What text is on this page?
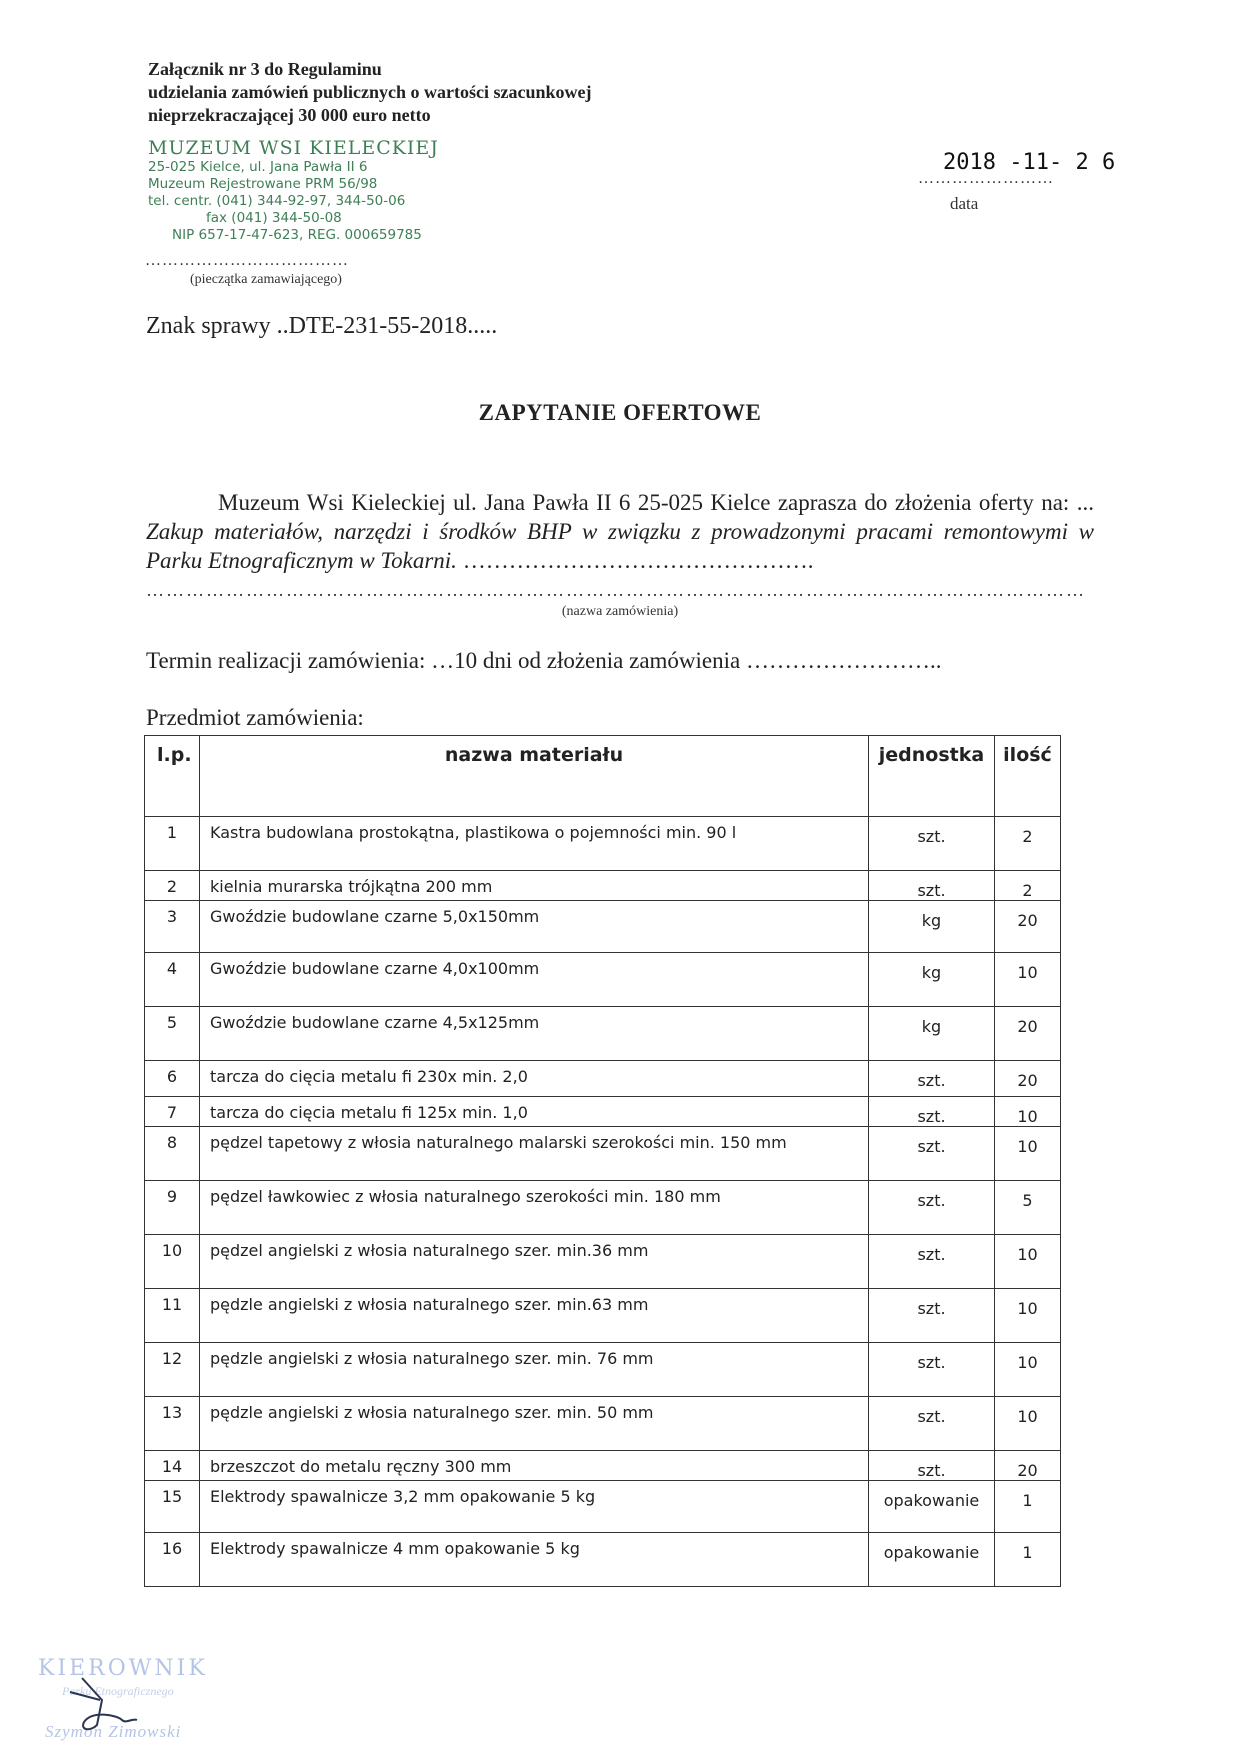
Załącznik nr 3 do Regulaminu
udzielania zamówień publicznych o wartości szacunkowej
nieprzekraczającej 30 000 euro netto
MUZEUM WSI KIELECKIEJ
25-025 Kielce, ul. Jana Pawła II 6
Muzeum Rejestrowane PRM 56/98
tel. centr. (041) 344-92-97, 344-50-06
fax (041) 344-50-08
NIP 657-17-47-623, REG. 000659785
………………………………
(pieczątka zamawiającego)
2018 -11- 2 6
……………………
data
Znak sprawy ..DTE-231-55-2018.....
ZAPYTANIE OFERTOWE
Muzeum Wsi Kieleckiej ul. Jana Pawła II 6 25-025 Kielce zaprasza do złożenia oferty na: ... Zakup materiałów, narzędzi i środków BHP w związku z prowadzonymi pracami remontowymi w Parku Etnograficznym w Tokarni. ……………………………………….
……………………………………………………………………………………………………………………………
(nazwa zamówienia)
Termin realizacji zamówienia: …10 dni od złożenia zamówienia ……………………..
Przedmiot zamówienia:
l.p.	nazwa materiału	jednostka	ilość
1	Kastra budowlana prostokątna, plastikowa o pojemności min. 90 l	szt.	2
2	kielnia murarska trójkątna 200 mm	szt.	2
3	Gwoździe budowlane czarne 5,0x150mm	kg	20
4	Gwoździe budowlane czarne 4,0x100mm	kg	10
5	Gwoździe budowlane czarne 4,5x125mm	kg	20
6	tarcza do cięcia metalu fi 230x min. 2,0	szt.	20
7	tarcza do cięcia metalu fi 125x min. 1,0	szt.	10
8	pędzel tapetowy z włosia naturalnego malarski szerokości min. 150 mm	szt.	10
9	pędzel ławkowiec z włosia naturalnego szerokości min. 180 mm	szt.	5
10	pędzel angielski z włosia naturalnego szer. min.36 mm	szt.	10
11	pędzle angielski z włosia naturalnego szer. min.63 mm	szt.	10
12	pędzle angielski z włosia naturalnego szer. min. 76 mm	szt.	10
13	pędzle angielski z włosia naturalnego szer. min. 50 mm	szt.	10
14	brzeszczot do metalu ręczny 300 mm	szt.	20
15	Elektrody spawalnicze 3,2 mm opakowanie 5 kg	opakowanie	1
16	Elektrody spawalnicze 4 mm opakowanie 5 kg	opakowanie	1
KIEROWNIK
Parku Etnograficznego
Szymon Zimowski
